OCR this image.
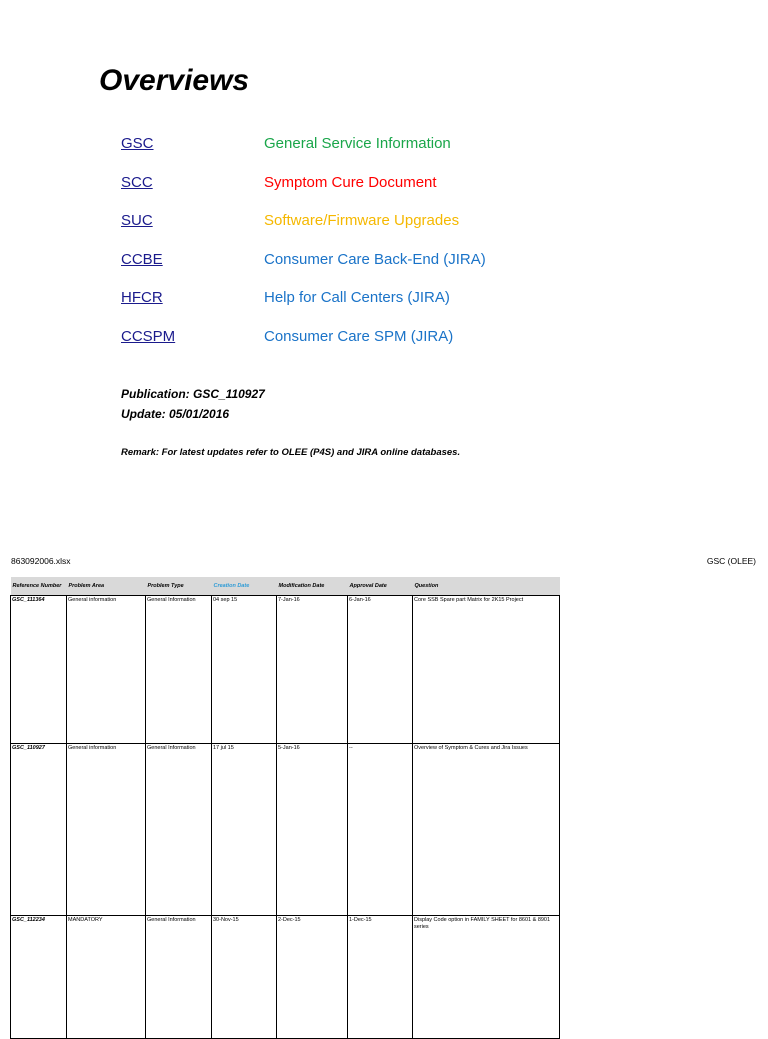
Overviews
GSC	General Service Information
SCC	Symptom Cure Document
SUC	Software/Firmware Upgrades
CCBE	Consumer Care Back-End (JIRA)
HFCR	Help for Call Centers (JIRA)
CCSPM	Consumer Care SPM (JIRA)
Publication: GSC_110927
Update: 05/01/2016
Remark: For latest updates refer to OLEE (P4S) and JIRA online databases.
863092006.xlsx	GSC (OLEE)
Reference Number	Problem Area	Problem Type	Creation Date	Modification Date	Approval Date	Question
GSC_111364	General information	General Information	04 sep 15	7-Jan-16	6-Jan-16	Core SSB Spare part Matrix for 2K15 Project
GSC_110927	General information	General Information	17 jul 15	5-Jan-16	--	Overview of Symptom & Cures and Jira Issues
GSC_112234	MANDATORY	General Information	30-Nov-15	2-Dec-15	1-Dec-15	Display Code option in FAMILY SHEET for 8601 & 8901 series
